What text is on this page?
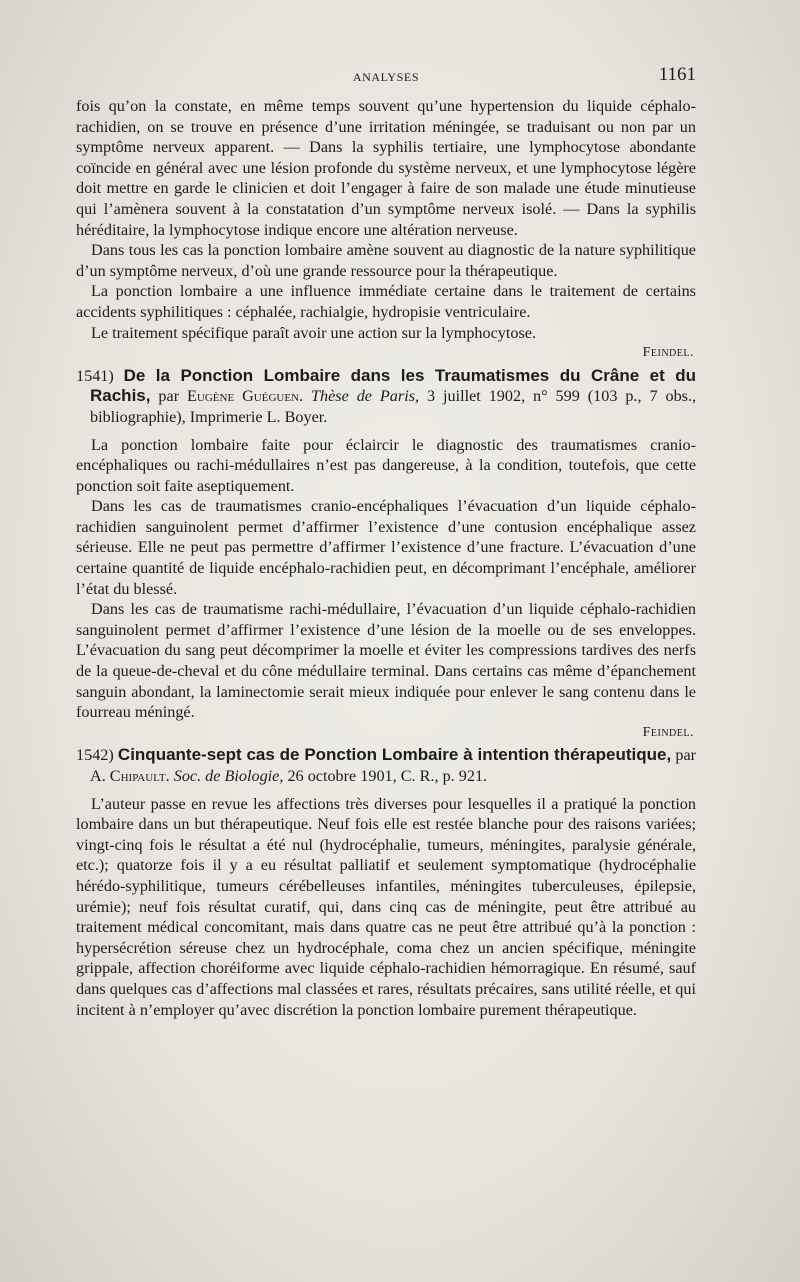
ANALYSES	1161

fois qu’on la constate, en même temps souvent qu’une hypertension du liquide céphalo-rachidien, on se trouve en présence d’une irritation méningée, se traduisant ou non par un symptôme nerveux apparent. — Dans la syphilis tertiaire, une lymphocytose abondante coïncide en général avec une lésion profonde du système nerveux, et une lymphocytose légère doit mettre en garde le clinicien et doit l’engager à faire de son malade une étude minutieuse qui l’amènera souvent à la constatation d’un symptôme nerveux isolé. — Dans la syphilis héréditaire, la lymphocytose indique encore une altération nerveuse.

Dans tous les cas la ponction lombaire amène souvent au diagnostic de la nature syphilitique d’un symptôme nerveux, d’où une grande ressource pour la thérapeutique.

La ponction lombaire a une influence immédiate certaine dans le traitement de certains accidents syphilitiques : céphalée, rachialgie, hydropisie ventriculaire.

Le traitement spécifique paraît avoir une action sur la lymphocytose.

Feindel.

1541) De la Ponction Lombaire dans les Traumatismes du Crâne et du Rachis, par Eugène Guéguen. Thèse de Paris, 3 juillet 1902, n° 599 (103 p., 7 obs., bibliographie), Imprimerie L. Boyer.

La ponction lombaire faite pour éclaircir le diagnostic des traumatismes cranio-encéphaliques ou rachi-médullaires n’est pas dangereuse, à la condition, toutefois, que cette ponction soit faite aseptiquement.

Dans les cas de traumatismes cranio-encéphaliques l’évacuation d’un liquide céphalo-rachidien sanguinolent permet d’affirmer l’existence d’une contusion encéphalique assez sérieuse. Elle ne peut pas permettre d’affirmer l’existence d’une fracture. L’évacuation d’une certaine quantité de liquide encéphalo-rachidien peut, en décomprimant l’encéphale, améliorer l’état du blessé.

Dans les cas de traumatisme rachi-médullaire, l’évacuation d’un liquide céphalo-rachidien sanguinolent permet d’affirmer l’existence d’une lésion de la moelle ou de ses enveloppes. L’évacuation du sang peut décomprimer la moelle et éviter les compressions tardives des nerfs de la queue-de-cheval et du cône médullaire terminal. Dans certains cas même d’épanchement sanguin abondant, la laminectomie serait mieux indiquée pour enlever le sang contenu dans le fourreau méningé.

Feindel.

1542) Cinquante-sept cas de Ponction Lombaire à intention thérapeutique, par A. Chipault. Soc. de Biologie, 26 octobre 1901, C. R., p. 921.

L’auteur passe en revue les affections très diverses pour lesquelles il a pratiqué la ponction lombaire dans un but thérapeutique. Neuf fois elle est restée blanche pour des raisons variées; vingt-cinq fois le résultat a été nul (hydrocéphalie, tumeurs, méningites, paralysie générale, etc.); quatorze fois il y a eu résultat palliatif et seulement symptomatique (hydrocéphalie hérédo-syphilitique, tumeurs cérébelleuses infantiles, méningites tuberculeuses, épilepsie, urémie); neuf fois résultat curatif, qui, dans cinq cas de méningite, peut être attribué au traitement médical concomitant, mais dans quatre cas ne peut être attribué qu’à la ponction : hypersécrétion séreuse chez un hydrocéphale, coma chez un ancien spécifique, méningite grippale, affection choréiforme avec liquide céphalo-rachidien hémorragique. En résumé, sauf dans quelques cas d’affections mal classées et rares, résultats précaires, sans utilité réelle, et qui incitent à n’employer qu’avec discrétion la ponction lombaire purement thérapeutique.
